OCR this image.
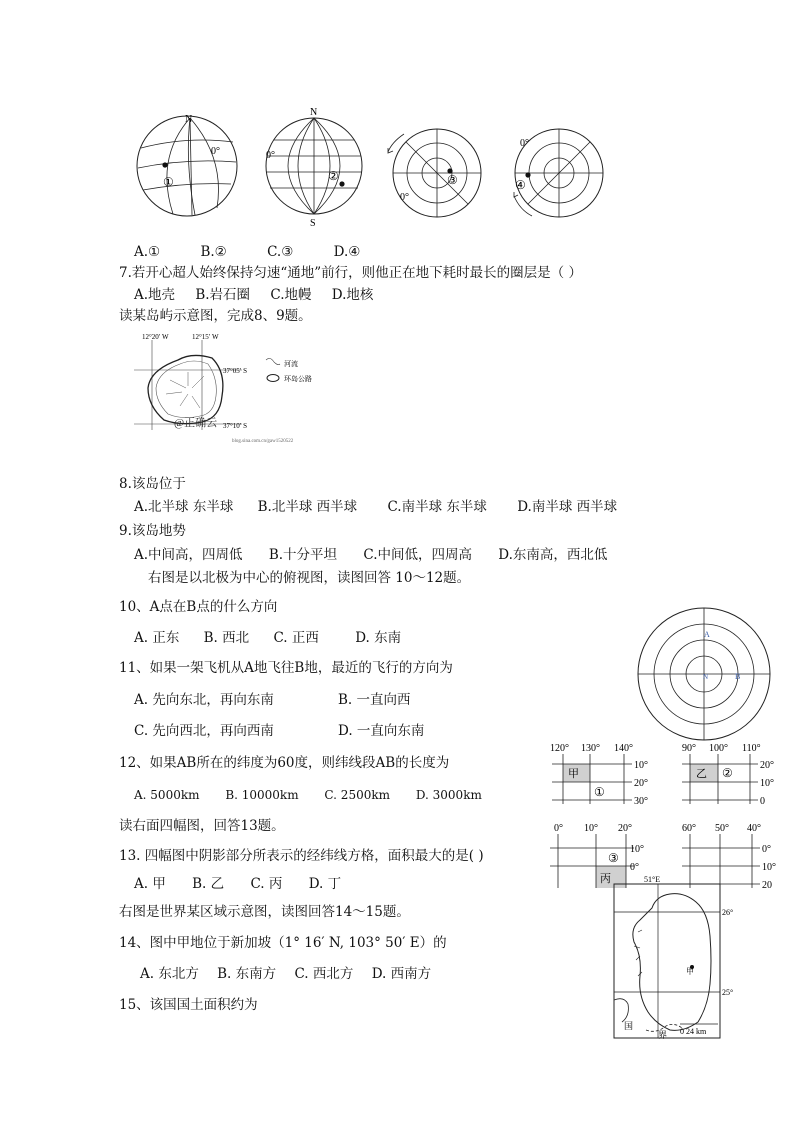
N
0°
①
N
S
0°
②
0°
③
0°
④
A.①	B.②	C.③	D.④
7.若开心超人始终保持匀速“通地”前行，则他正在地下耗时最长的圈层是（ ）
A.地壳 B.岩石圈 C.地幔 D.地核
读某岛屿示意图，完成8、9题。
12°20′ W	12°15′ W
37°05′ S
37°10′ S
河流
环岛公路
@正确云
blog.sina.com.cn/gaw1520522
8.该岛位于
A.北半球 东半球 B.北半球 西半球 C.南半球 东半球 D.南半球 西半球
9.该岛地势
A.中间高，四周低 B.十分平坦 C.中间低，四周高 D.东南高，西北低
右图是以北极为中心的俯视图，读图回答 10～12题。
10、A点在B点的什么方向
A. 正东 B. 西北 C. 正西	D. 东南	A
B
N
11、如果一架飞机从A地飞往B地，最近的飞行的方向为
A. 先向东北，再向东南	B. 一直向西
C. 先向西北，再向西南	D. 一直向东南
12、如果AB所在的纬度为60度，则纬线段AB的长度为
A. 5000km B. 10000km C. 2500km D. 3000km
120° 130° 140°
甲
①
10°
20°
30°
90° 100° 110°
乙 ②
20°
10°
0
0° 10° 20°
③
丙
10°
0°
60° 50° 40°
0°
10°
20
读右面四幅图，回答13题。
13. 四幅图中阴影部分所表示的经纬线方格，面积最大的是( )
A. 甲 B. 乙 C. 丙 D. 丁
右图是世界某区域示意图，读图回答14～15题。
51°E
26°
25°
甲
国
界 0 24 km
14、图中甲地位于新加坡（1° 16′ N, 103° 50′ E）的
A. 东北方 B. 东南方 C. 西北方 D. 西南方
15、该国国土面积约为
